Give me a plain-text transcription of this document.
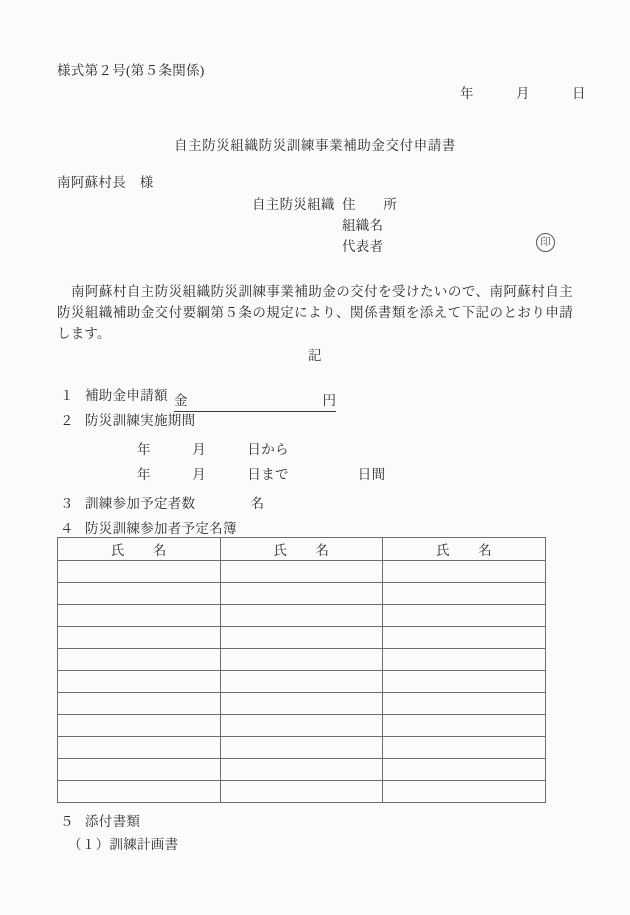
様式第２号(第５条関係)
年　　　月　　　日
自主防災組織防災訓練事業補助金交付申請書
南阿蘇村長　様
自主防災組織 住　　所
組織名
代表者	印
南阿蘇村自主防災組織防災訓練事業補助金の交付を受けたいので、南阿蘇村自主防災組織補助金交付要綱第５条の規定により、関係書類を添えて下記のとおり申請します。
記
１ 補助金申請額 金　　　　　　　　　　円
２ 防災訓練実施期間
年　　　月　　　日から
年　　　月　　　日まで　　　　　日間
３ 訓練参加予定者数　　　　名
４ 防災訓練参加者予定名簿
氏　　名	氏　　名	氏　　名

５ 添付書類
（１）訓練計画書
